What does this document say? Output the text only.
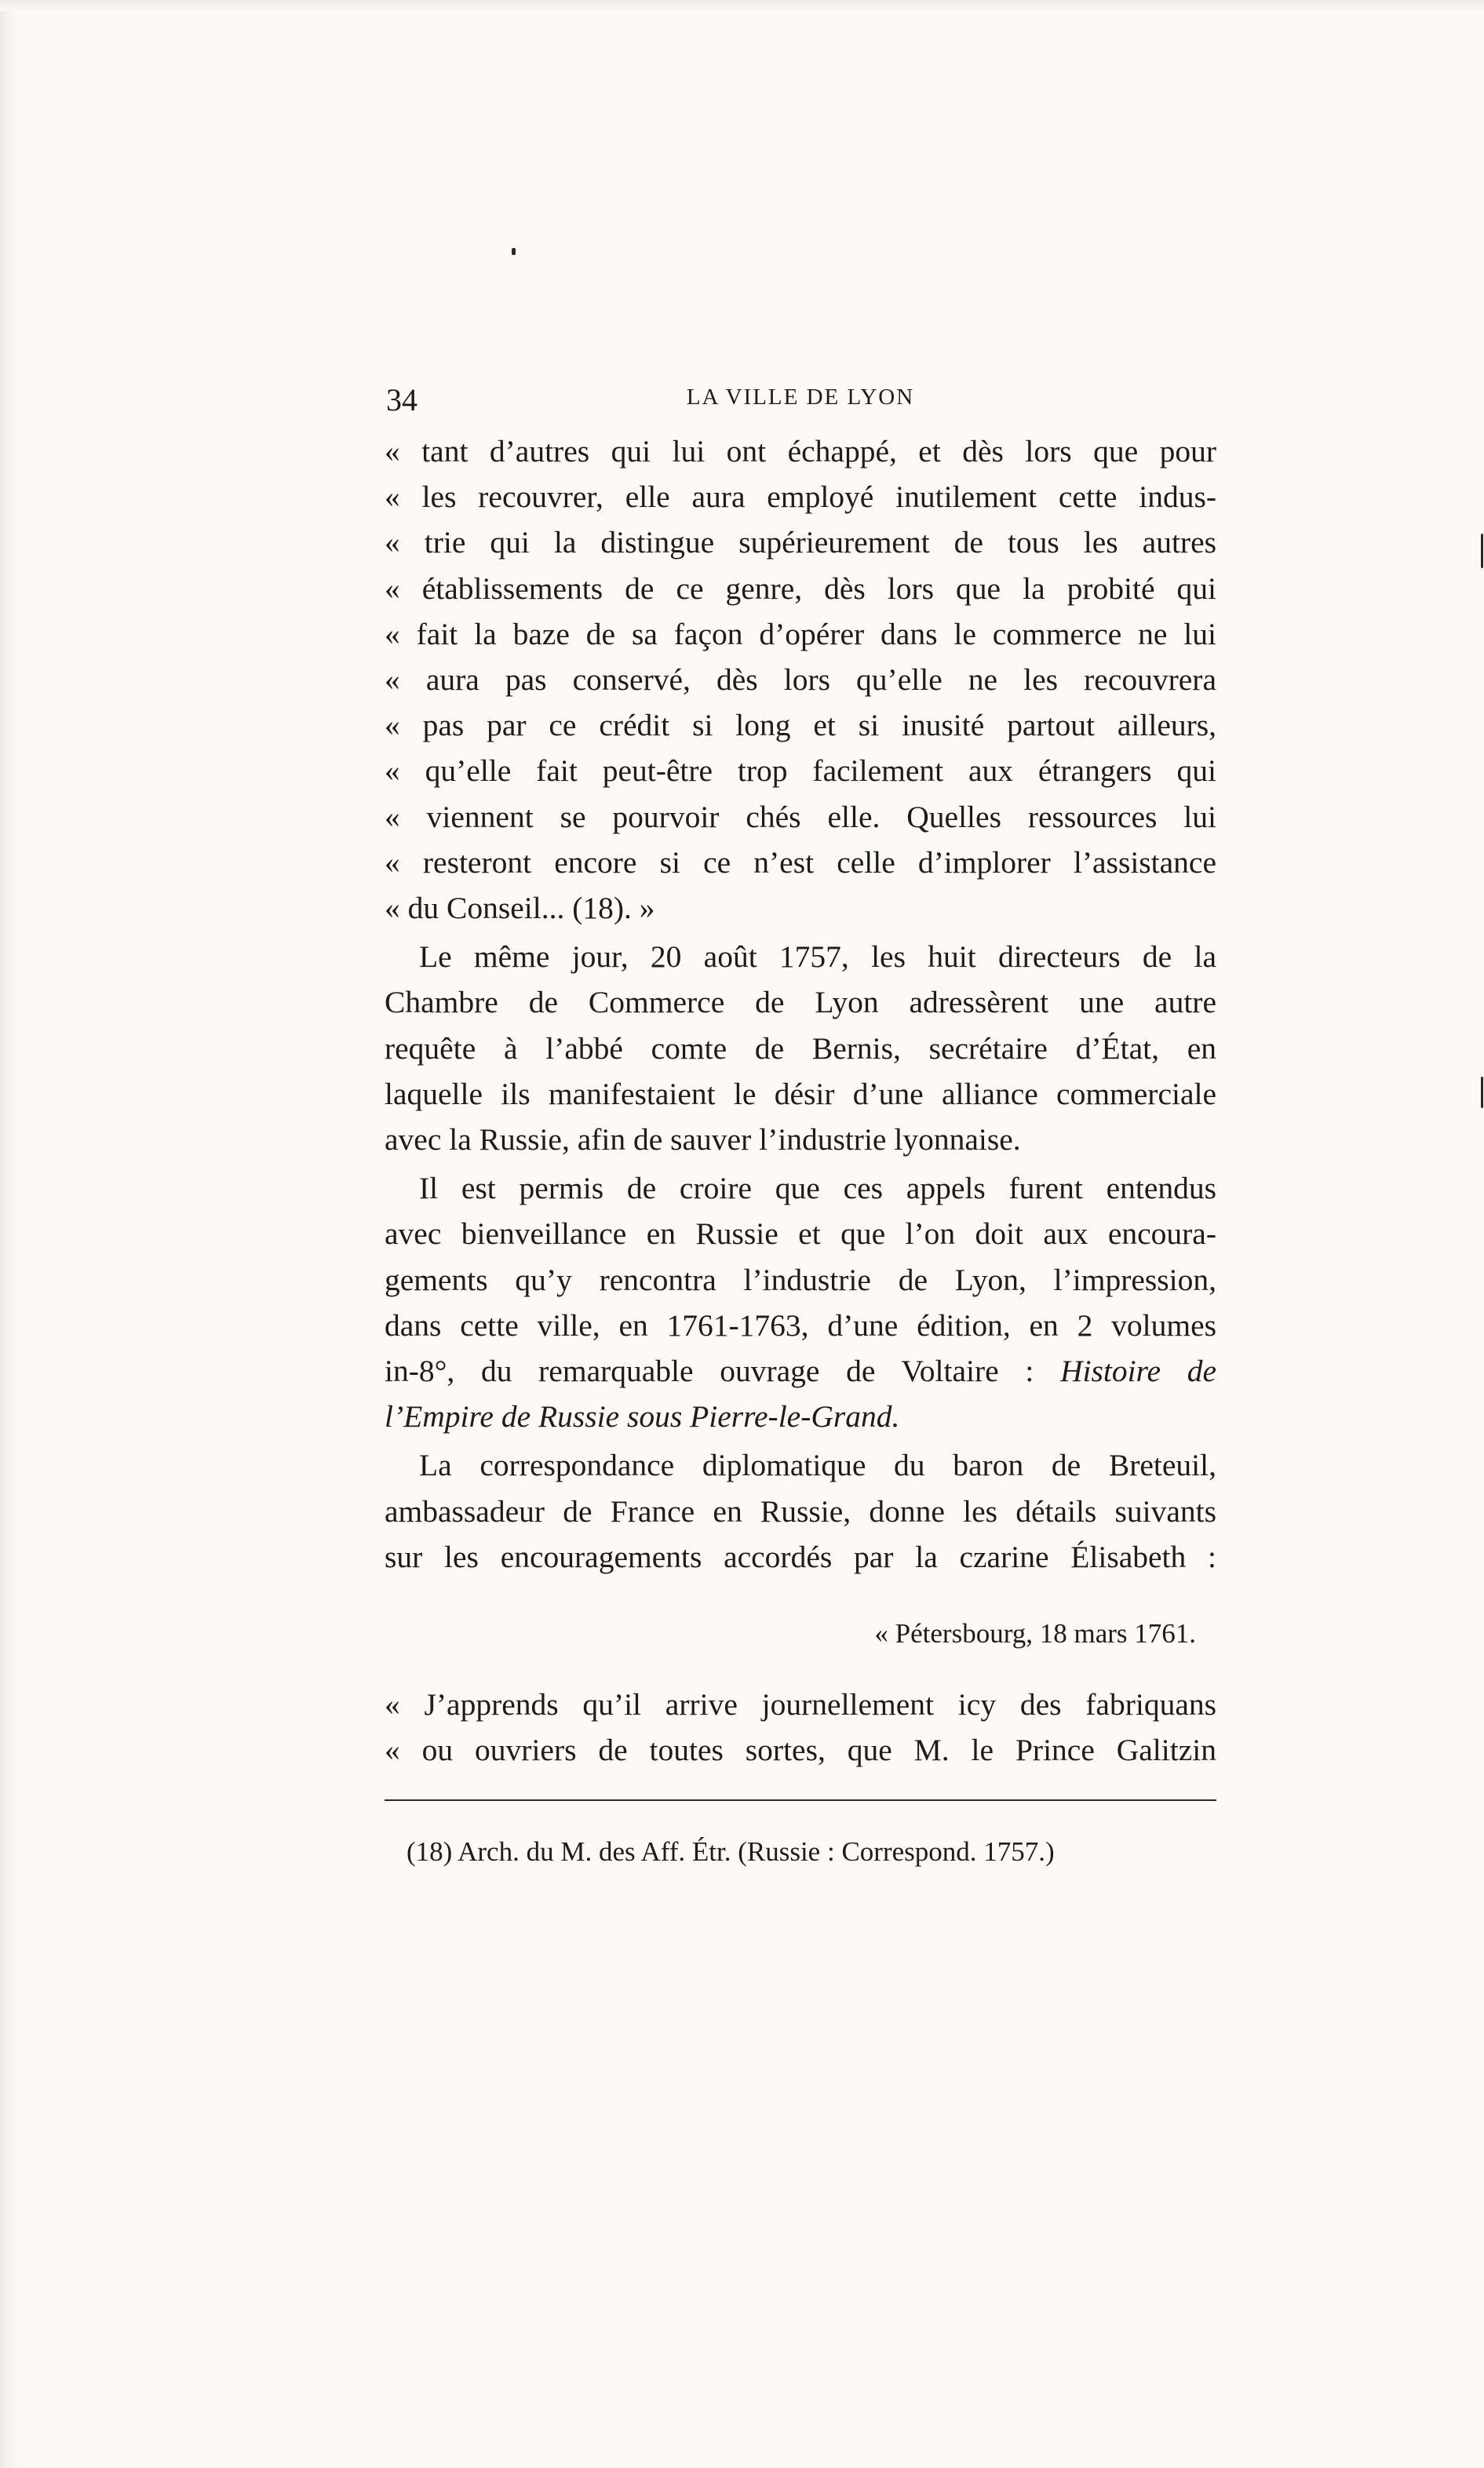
34	LA VILLE DE LYON
« tant d’autres qui lui ont échappé, et dès lors que pour
« les recouvrer, elle aura employé inutilement cette indus-
« trie qui la distingue supérieurement de tous les autres
« établissements de ce genre, dès lors que la probité qui
« fait la baze de sa façon d’opérer dans le commerce ne lui
« aura pas conservé, dès lors qu’elle ne les recouvrera
« pas par ce crédit si long et si inusité partout ailleurs,
« qu’elle fait peut-être trop facilement aux étrangers qui
« viennent se pourvoir chés elle. Quelles ressources lui
« resteront encore si ce n’est celle d’implorer l’assistance
« du Conseil... (18). »
Le même jour, 20 août 1757, les huit directeurs de la
Chambre de Commerce de Lyon adressèrent une autre
requête à l’abbé comte de Bernis, secrétaire d’État, en
laquelle ils manifestaient le désir d’une alliance commerciale
avec la Russie, afin de sauver l’industrie lyonnaise.
Il est permis de croire que ces appels furent entendus
avec bienveillance en Russie et que l’on doit aux encoura-
gements qu’y rencontra l’industrie de Lyon, l’impression,
dans cette ville, en 1761-1763, d’une édition, en 2 volumes
in-8°, du remarquable ouvrage de Voltaire : Histoire de
l’Empire de Russie sous Pierre-le-Grand.
La correspondance diplomatique du baron de Breteuil,
ambassadeur de France en Russie, donne les détails suivants
sur les encouragements accordés par la czarine Élisabeth :
« Pétersbourg, 18 mars 1761.
« J’apprends qu’il arrive journellement icy des fabriquans
« ou ouvriers de toutes sortes, que M. le Prince Galitzin
(18) Arch. du M. des Aff. Étr. (Russie : Correspond. 1757.)
